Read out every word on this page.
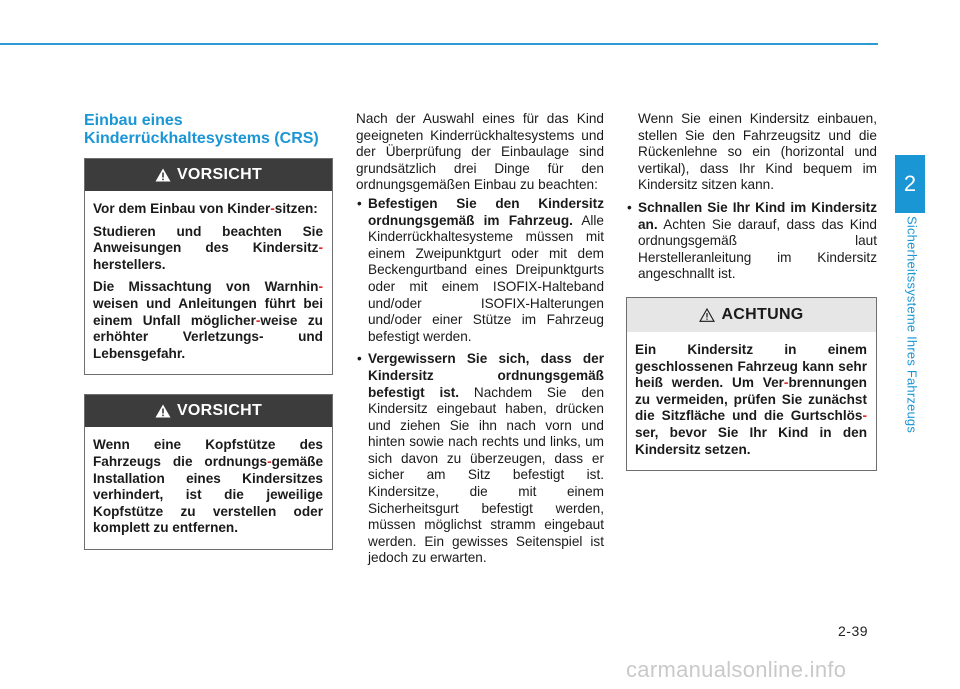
2
Sicherheitssysteme Ihres Fahrzeugs
Einbau eines Kinderrückhaltesystems (CRS)
VORSICHT

Vor dem Einbau von Kinder-sitzen:

Studieren und beachten Sie Anweisungen des Kindersitz-herstellers.

Die Missachtung von Warnhin-weisen und Anleitungen führt bei einem Unfall möglicher-weise zu erhöhter Verletzungs- und Lebensgefahr.

VORSICHT

Wenn eine Kopfstütze des Fahrzeugs die ordnungs-gemäße Installation eines Kindersitzes verhindert, ist die jeweilige Kopfstütze zu verstellen oder komplett zu entfernen.

Nach der Auswahl eines für das Kind geeigneten Kinderrückhaltesystems und der Überprüfung der Einbaulage sind grundsätzlich drei Dinge für den ordnungsgemäßen Einbau zu beachten:

• Befestigen Sie den Kindersitz ordnungsgemäß im Fahrzeug. Alle Kinderrückhaltesysteme müssen mit einem Zweipunktgurt oder mit dem Beckengurtband eines Dreipunktgurts oder mit einem ISOFIX-Halteband und/oder ISOFIX-Halterungen und/oder einer Stütze im Fahrzeug befestigt werden.
• Vergewissern Sie sich, dass der Kindersitz ordnungsgemäß befestigt ist. Nachdem Sie den Kindersitz eingebaut haben, drücken und ziehen Sie ihn nach vorn und hinten sowie nach rechts und links, um sich davon zu überzeugen, dass er sicher am Sitz befestigt ist. Kindersitze, die mit einem Sicherheitsgurt befestigt werden, müssen möglichst stramm eingebaut werden. Ein gewisses Seitenspiel ist jedoch zu erwarten.

Wenn Sie einen Kindersitz einbauen, stellen Sie den Fahrzeugsitz und die Rückenlehne so ein (horizontal und vertikal), dass Ihr Kind bequem im Kindersitz sitzen kann.

• Schnallen Sie Ihr Kind im Kindersitz an. Achten Sie darauf, dass das Kind ordnungsgemäß laut Herstelleranleitung im Kindersitz angeschnallt ist.
ACHTUNG

Ein Kindersitz in einem geschlossenen Fahrzeug kann sehr heiß werden. Um Ver-brennungen zu vermeiden, prüfen Sie zunächst die Sitzfläche und die Gurtschlös-ser, bevor Sie Ihr Kind in den Kindersitz setzen.

2-39
carmanualsonline.info
